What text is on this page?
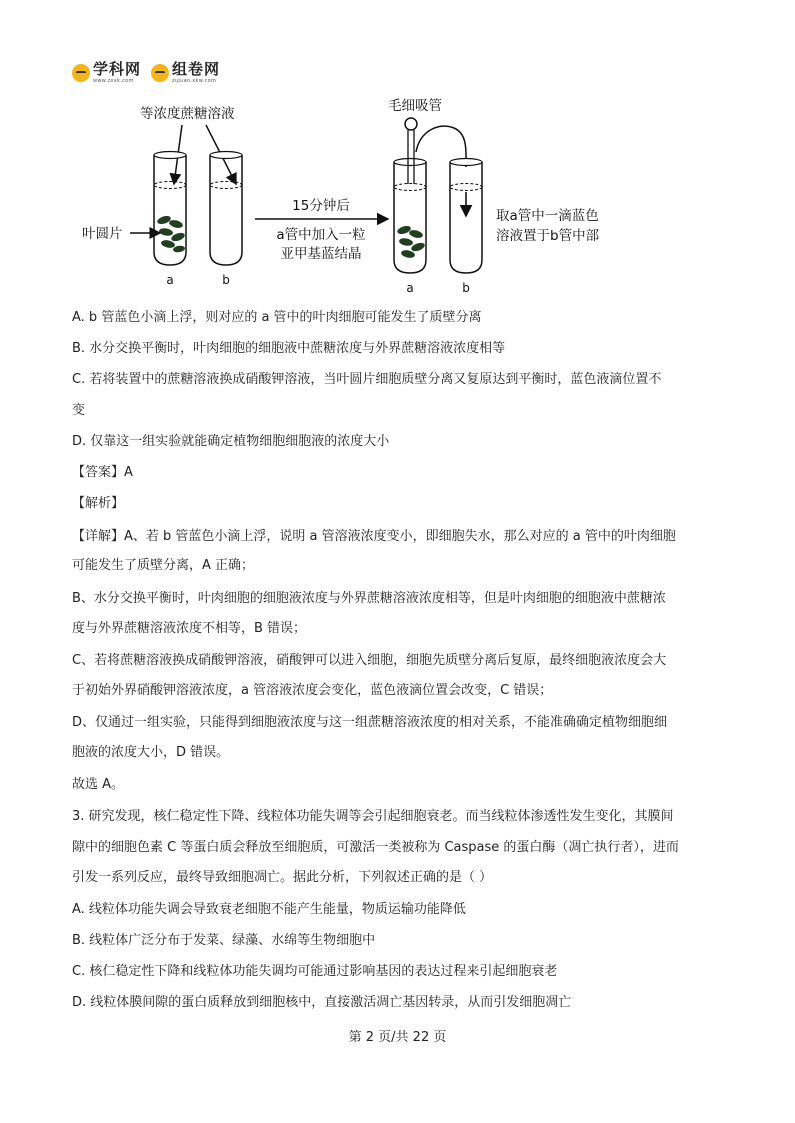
学科网
www.zxxk.com
组卷网
zujuan.xkw.com
等浓度蔗糖溶液
叶圆片
a	b
15分钟后
a管中加入一粒
亚甲基蓝结晶
毛细吸管
a	b
取a管中一滴蓝色
溶液置于b管中部
A. b 管蓝色小滴上浮，则对应的 a 管中的叶肉细胞可能发生了质壁分离
B. 水分交换平衡时，叶肉细胞的细胞液中蔗糖浓度与外界蔗糖溶液浓度相等
C. 若将装置中的蔗糖溶液换成硝酸钾溶液，当叶圆片细胞质壁分离又复原达到平衡时，蓝色液滴位置不
变
D. 仅靠这一组实验就能确定植物细胞细胞液的浓度大小
【答案】A
【解析】
【详解】A、若 b 管蓝色小滴上浮，说明 a 管溶液浓度变小，即细胞失水，那么对应的 a 管中的叶肉细胞
可能发生了质壁分离，A 正确；
B、水分交换平衡时，叶肉细胞的细胞液浓度与外界蔗糖溶液浓度相等，但是叶肉细胞的细胞液中蔗糖浓
度与外界蔗糖溶液浓度不相等，B 错误；
C、若将蔗糖溶液换成硝酸钾溶液，硝酸钾可以进入细胞，细胞先质壁分离后复原，最终细胞液浓度会大
于初始外界硝酸钾溶液浓度，a 管溶液浓度会变化，蓝色液滴位置会改变，C 错误；
D、仅通过一组实验，只能得到细胞液浓度与这一组蔗糖溶液浓度的相对关系，不能准确确定植物细胞细
胞液的浓度大小，D 错误。
故选 A。
3. 研究发现，核仁稳定性下降、线粒体功能失调等会引起细胞衰老。而当线粒体渗透性发生变化，其膜间
隙中的细胞色素 C 等蛋白质会释放至细胞质，可激活一类被称为 Caspase 的蛋白酶（凋亡执行者），进而
引发一系列反应，最终导致细胞凋亡。据此分析，下列叙述正确的是（ ）
A. 线粒体功能失调会导致衰老细胞不能产生能量，物质运输功能降低
B. 线粒体广泛分布于发菜、绿藻、水绵等生物细胞中
C. 核仁稳定性下降和线粒体功能失调均可能通过影响基因的表达过程来引起细胞衰老
D. 线粒体膜间隙的蛋白质释放到细胞核中，直接激活凋亡基因转录，从而引发细胞凋亡
第 2 页/共 22 页
